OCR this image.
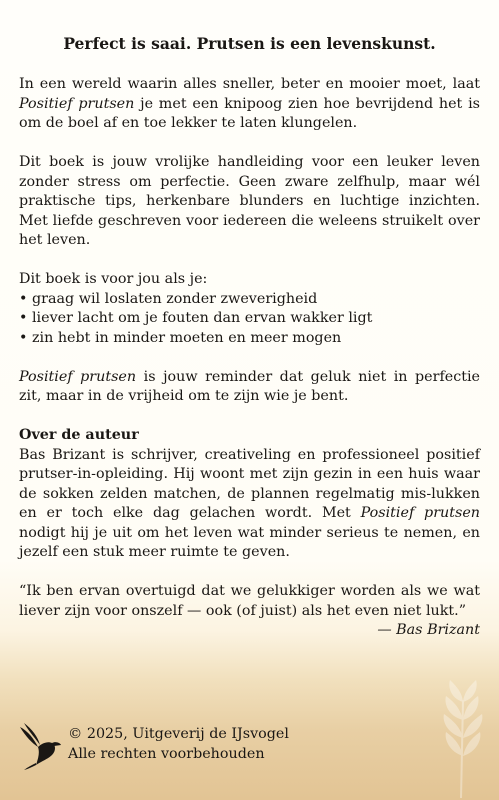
Perfect is saai. Prutsen is een levenskunst.

In een wereld waarin alles sneller, beter en mooier moet, laat Positief prutsen je met een knipoog zien hoe bevrijdend het is om de boel af en toe lekker te laten klungelen.

Dit boek is jouw vrolijke handleiding voor een leuker leven zonder stress om perfectie. Geen zware zelfhulp, maar wél praktische tips, herkenbare blunders en luchtige inzichten. Met liefde geschreven voor iedereen die weleens struikelt over het leven.

Dit boek is voor jou als je:
• graag wil loslaten zonder zweverigheid
• liever lacht om je fouten dan ervan wakker ligt
• zin hebt in minder moeten en meer mogen

Positief prutsen is jouw reminder dat geluk niet in perfectie zit, maar in de vrijheid om te zijn wie je bent.

Over de auteur

Bas Brizant is schrijver, creativeling en professioneel positief prutser-in-opleiding. Hij woont met zijn gezin in een huis waar de sokken zelden matchen, de plannen regelmatig mis-lukken en er toch elke dag gelachen wordt. Met Positief prutsen nodigt hij je uit om het leven wat minder serieus te nemen, en jezelf een stuk meer ruimte te geven.

“Ik ben ervan overtuigd dat we gelukkiger worden als we wat liever zijn voor onszelf — ook (of juist) als het even niet lukt.”

— Bas Brizant
© 2025, Uitgeverij de IJsvogel
Alle rechten voorbehouden
